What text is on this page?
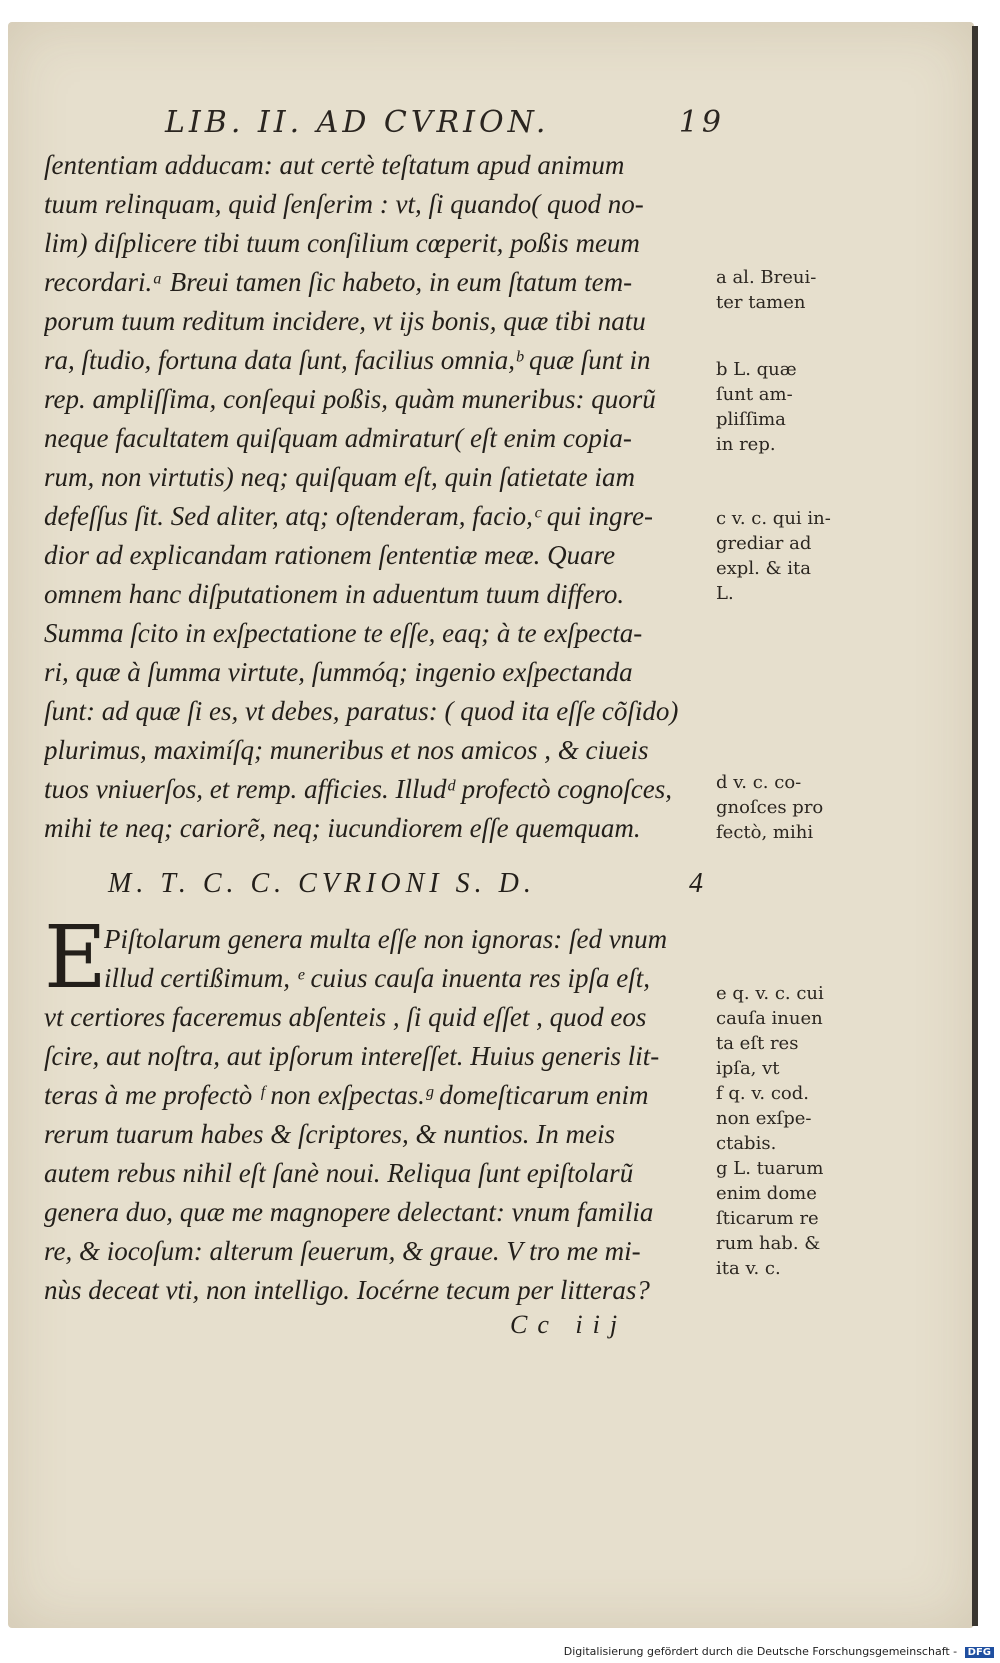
LIB. II. AD CVRION.	19
ſententiam adducam: aut certè teſtatum apud animum
tuum relinquam, quid ſenſerim : vt, ſi quando( quod no-
lim) diſplicere tibi tuum conſilium cœperit, poßis meum
recordari.ᵃ Breui tamen ſic habeto, in eum ſtatum tem-
porum tuum reditum incidere, vt ijs bonis, quæ tibi natu
ra, ſtudio, fortuna data ſunt, facilius omnia,ᵇ quæ ſunt in
rep. ampliſſima, conſequi poßis, quàm muneribus: quorũ
neque facultatem quiſquam admiratur( eſt enim copia-
rum, non virtutis) neq; quiſquam eſt, quin ſatietate iam
defeſſus ſit. Sed aliter, atq; oſtenderam, facio,ᶜ qui ingre-
dior ad explicandam rationem ſententiæ meæ. Quare
omnem hanc diſputationem in aduentum tuum differo.
Summa ſcito in exſpectatione te eſſe, eaq; à te exſpecta-
ri, quæ à ſumma virtute, ſummóq; ingenio exſpectanda
ſunt: ad quæ ſi es, vt debes, paratus: ( quod ita eſſe cõſido)
plurimus, maximíſq; muneribus et nos amicos , & ciueis
tuos vniuerſos, et remp. afficies. Illudᵈ profectò cognoſces,
mihi te neq; cariorẽ, neq; iucundiorem eſſe quemquam.
M. T. C. C. CVRIONI S. D.	4
E
Piſtolarum genera multa eſſe non ignoras: ſed vnum
illud certißimum, ᵉ cuius cauſa inuenta res ipſa eſt,
vt certiores faceremus abſenteis , ſi quid eſſet , quod eos
ſcire, aut noſtra, aut ipſorum intereſſet. Huius generis lit-
teras à me profectò ᶠ non exſpectas.ᵍ domeſticarum enim
rerum tuarum habes & ſcriptores, & nuntios. In meis
autem rebus nihil eſt ſanè noui. Reliqua ſunt epiſtolarũ
genera duo, quæ me magnopere delectant: vnum familia
re, & iocoſum: alterum ſeuerum, & graue. V tro me mi-
nùs deceat vti, non intelligo. Iocérne tecum per litteras?
Cc iij
a al. Breui-
ter tamen
b L. quæ
ſunt am-
pliſſima
in rep.
c v. c. qui in-
grediar ad
expl. & ita
L.
d v. c. co-
gnoſces pro
fectò, mihi
e q. v. c. cui
cauſa inuen
ta eſt res
ipſa, vt
f q. v. cod.
non exſpe-
ctabis.
g L. tuarum
enim dome
ſticarum re
rum hab. &
ita v. c.
Digitalisierung gefördert durch die Deutsche Forschungsgemeinschaft - DFG
